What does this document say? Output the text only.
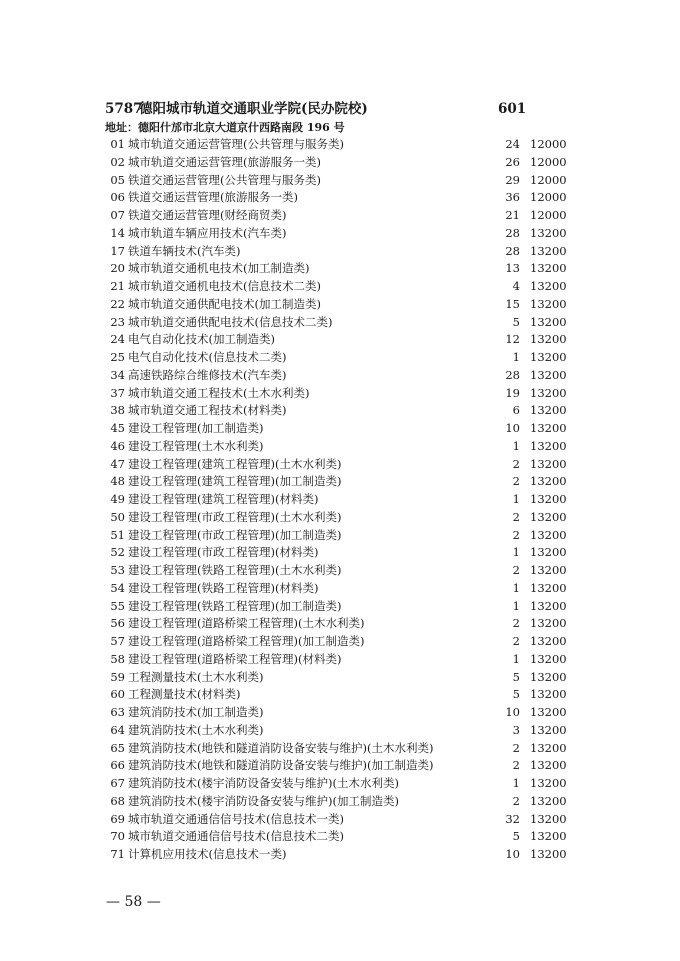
5787
德阳城市轨道交通职业学院(民办院校)	601
地址：德阳什邡市北京大道京什西路南段 196 号
01 城市轨道交通运营管理(公共管理与服务类)	24 12000
02 城市轨道交通运营管理(旅游服务一类)	26 12000
05 铁道交通运营管理(公共管理与服务类)	29 12000
06 铁道交通运营管理(旅游服务一类)	36 12000
07 铁道交通运营管理(财经商贸类)	21 12000
14 城市轨道车辆应用技术(汽车类)	28 13200
17 铁道车辆技术(汽车类)	28 13200
20 城市轨道交通机电技术(加工制造类)	13 13200
21 城市轨道交通机电技术(信息技术二类)	4 13200
22 城市轨道交通供配电技术(加工制造类)	15 13200
23 城市轨道交通供配电技术(信息技术二类)	5 13200
24 电气自动化技术(加工制造类)	12 13200
25 电气自动化技术(信息技术二类)	1 13200
34 高速铁路综合维修技术(汽车类)	28 13200
37 城市轨道交通工程技术(土木水利类)	19 13200
38 城市轨道交通工程技术(材料类)	6 13200
45 建设工程管理(加工制造类)	10 13200
46 建设工程管理(土木水利类)	1 13200
47 建设工程管理(建筑工程管理)(土木水利类)	2 13200
48 建设工程管理(建筑工程管理)(加工制造类)	2 13200
49 建设工程管理(建筑工程管理)(材料类)	1 13200
50 建设工程管理(市政工程管理)(土木水利类)	2 13200
51 建设工程管理(市政工程管理)(加工制造类)	2 13200
52 建设工程管理(市政工程管理)(材料类)	1 13200
53 建设工程管理(铁路工程管理)(土木水利类)	2 13200
54 建设工程管理(铁路工程管理)(材料类)	1 13200
55 建设工程管理(铁路工程管理)(加工制造类)	1 13200
56 建设工程管理(道路桥梁工程管理)(土木水利类)	2 13200
57 建设工程管理(道路桥梁工程管理)(加工制造类)	2 13200
58 建设工程管理(道路桥梁工程管理)(材料类)	1 13200
59 工程测量技术(土木水利类)	5 13200
60 工程测量技术(材料类)	5 13200
63 建筑消防技术(加工制造类)	10 13200
64 建筑消防技术(土木水利类)	3 13200
65 建筑消防技术(地铁和隧道消防设备安装与维护)(土木水利类)	2 13200
66 建筑消防技术(地铁和隧道消防设备安装与维护)(加工制造类)	2 13200
67 建筑消防技术(楼宇消防设备安装与维护)(土木水利类)	1 13200
68 建筑消防技术(楼宇消防设备安装与维护)(加工制造类)	2 13200
69 城市轨道交通通信信号技术(信息技术一类)	32 13200
70 城市轨道交通通信信号技术(信息技术二类)	5 13200
71 计算机应用技术(信息技术一类)	10 13200
— 58 —
